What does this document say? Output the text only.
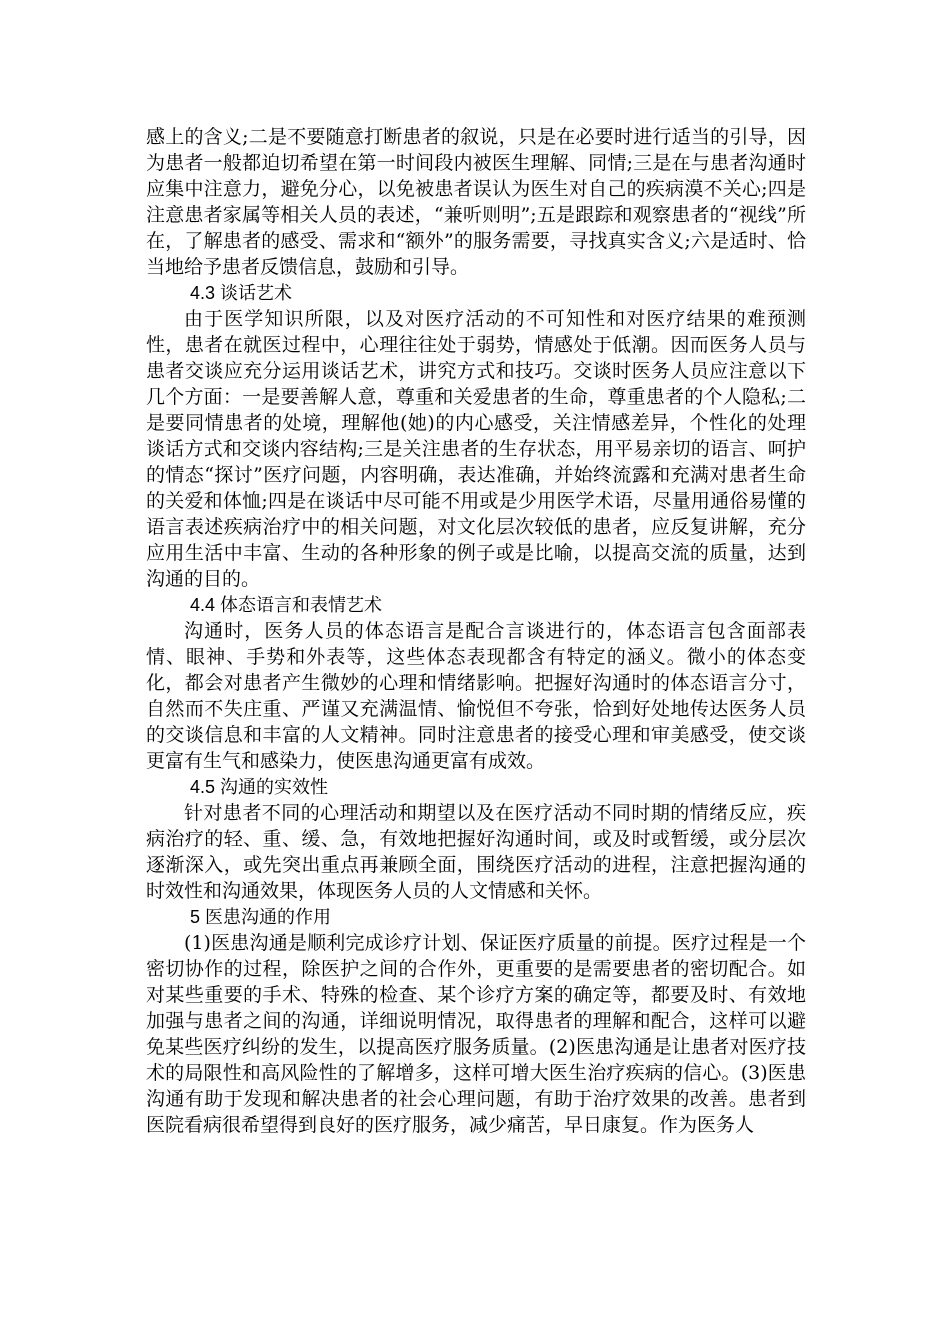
感上的含义;二是不要随意打断患者的叙说，只是在必要时进行适当的引导，因为患者一般都迫切希望在第一时间段内被医生理解、同情;三是在与患者沟通时应集中注意力，避免分心，以免被患者误认为医生对自己的疾病漠不关心;四是注意患者家属等相关人员的表述，“兼听则明”;五是跟踪和观察患者的“视线”所在，了解患者的感受、需求和“额外”的服务需要，寻找真实含义;六是适时、恰当地给予患者反馈信息，鼓励和引导。

4.3 谈话艺术

由于医学知识所限，以及对医疗活动的不可知性和对医疗结果的难预测性，患者在就医过程中，心理往往处于弱势，情感处于低潮。因而医务人员与患者交谈应充分运用谈话艺术，讲究方式和技巧。交谈时医务人员应注意以下几个方面：一是要善解人意，尊重和关爱患者的生命，尊重患者的个人隐私;二是要同情患者的处境，理解他(她)的内心感受，关注情感差异，个性化的处理谈话方式和交谈内容结构;三是关注患者的生存状态，用平易亲切的语言、呵护的情态“探讨”医疗问题，内容明确，表达准确，并始终流露和充满对患者生命的关爱和体恤;四是在谈话中尽可能不用或是少用医学术语，尽量用通俗易懂的语言表述疾病治疗中的相关问题，对文化层次较低的患者，应反复讲解，充分应用生活中丰富、生动的各种形象的例子或是比喻，以提高交流的质量，达到沟通的目的。

4.4 体态语言和表情艺术

沟通时，医务人员的体态语言是配合言谈进行的，体态语言包含面部表情、眼神、手势和外表等，这些体态表现都含有特定的涵义。微小的体态变化，都会对患者产生微妙的心理和情绪影响。把握好沟通时的体态语言分寸，自然而不失庄重、严谨又充满温情、愉悦但不夸张，恰到好处地传达医务人员的交谈信息和丰富的人文精神。同时注意患者的接受心理和审美感受，使交谈更富有生气和感染力，使医患沟通更富有成效。

4.5 沟通的实效性

针对患者不同的心理活动和期望以及在医疗活动不同时期的情绪反应，疾病治疗的轻、重、缓、急，有效地把握好沟通时间，或及时或暂缓，或分层次逐渐深入，或先突出重点再兼顾全面，围绕医疗活动的进程，注意把握沟通的时效性和沟通效果，体现医务人员的人文情感和关怀。

5 医患沟通的作用

(1)医患沟通是顺利完成诊疗计划、保证医疗质量的前提。医疗过程是一个密切协作的过程，除医护之间的合作外，更重要的是需要患者的密切配合。如对某些重要的手术、特殊的检查、某个诊疗方案的确定等，都要及时、有效地加强与患者之间的沟通，详细说明情况，取得患者的理解和配合，这样可以避免某些医疗纠纷的发生，以提高医疗服务质量。(2)医患沟通是让患者对医疗技术的局限性和高风险性的了解增多，这样可增大医生治疗疾病的信心。(3)医患沟通有助于发现和解决患者的社会心理问题，有助于治疗效果的改善。患者到医院看病很希望得到良好的医疗服务，减少痛苦，早日康复。作为医务人
